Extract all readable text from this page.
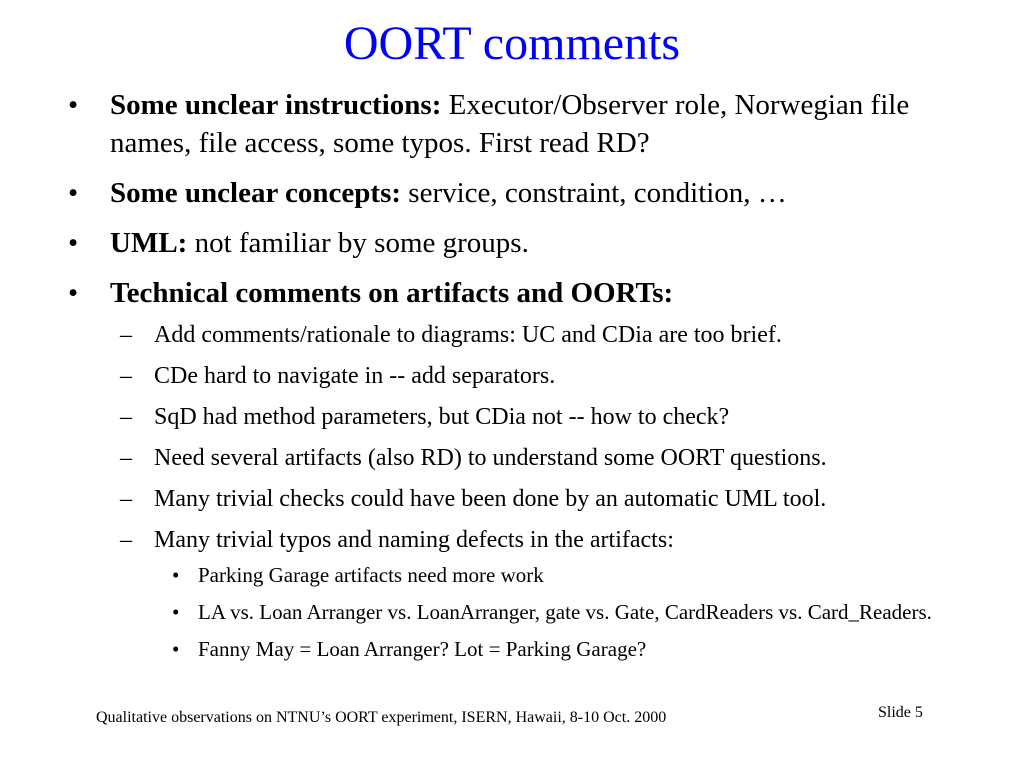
OORT comments
• Some unclear instructions: Executor/Observer role, Norwegian file names, file access, some typos. First read RD?
• Some unclear concepts: service, constraint, condition, …
• UML: not familiar by some groups.
• Technical comments on artifacts and OORTs:
– Add comments/rationale to diagrams: UC and CDia are too brief.
– CDe hard to navigate in -- add separators.
– SqD had method parameters, but CDia not -- how to check?
– Need several artifacts (also RD) to understand some OORT questions.
– Many trivial checks could have been done by an automatic UML tool.
– Many trivial typos and naming defects in the artifacts:
• Parking Garage artifacts need more work
• LA vs. Loan Arranger vs. LoanArranger, gate vs. Gate, CardReaders vs. Card_Readers.
• Fanny May = Loan Arranger? Lot = Parking Garage?
Qualitative observations on NTNU’s OORT experiment, ISERN, Hawaii, 8-10 Oct. 2000	Slide 5
